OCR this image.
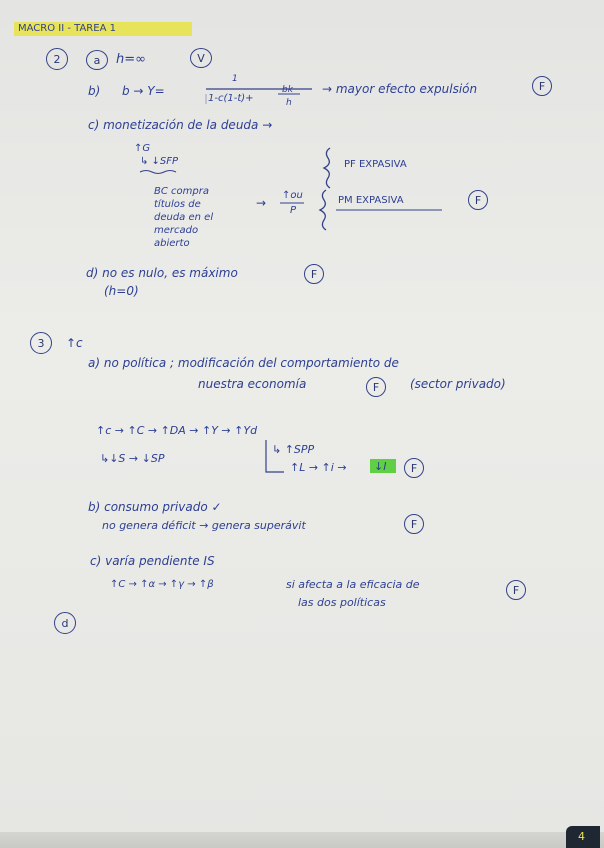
MACRO II - TAREA 1
2	a	h=∞	V
b) b → Y=
1
1-c(1-t)+
bk
h
→ mayor efecto expulsión	F
c) monetización de la deuda →
↑G
↳ ↓SFP
BC compra
títulos de
deuda en el
mercado
abierto
→
↑ou
P
PF EXPASIVA
PM EXPASIVA	F
d) no es nulo, es máximo	F
(h=0)
3	↑c
a) no política ; modificación del comportamiento de
nuestra economía	F	(sector privado)
↑c → ↑C → ↑DA → ↑Y → ↑Yd
↳↓S → ↓SP
↳ ↑SPP
↑L → ↑i → ↓I	F
b) consumo privado ✓
no genera déficit → genera superávit	F
c) varía pendiente IS
↑C → ↑α → ↑γ → ↑β	si afecta a la eficacia de
las dos políticas
F
d
4
